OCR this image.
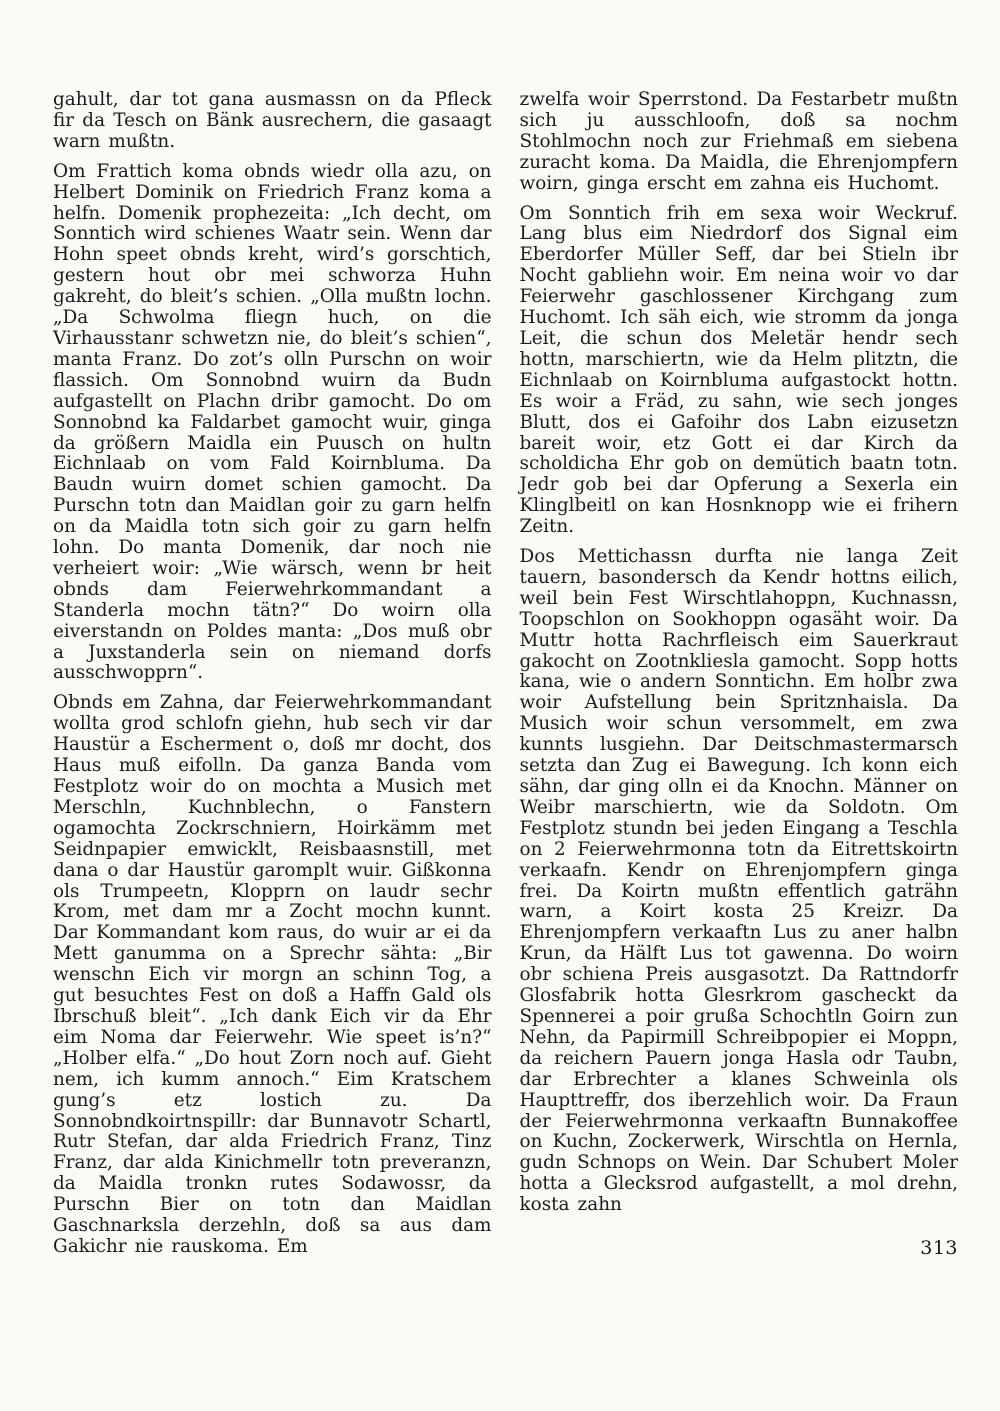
gahult, dar tot gana ausmassn on da Pfleck fir da Tesch on Bänk ausrechern, die gasaagt warn mußtn.

Om Frattich koma obnds wiedr olla azu, on Helbert Dominik on Friedrich Franz koma a helfn. Domenik prophezeita: „Ich decht, om Sonntich wird schienes Waatr sein. Wenn dar Hohn speet obnds kreht, wird’s gorschtich, gestern hout obr mei schworza Huhn gakreht, do bleit’s schien. „Olla mußtn lochn. „Da Schwolma fliegn huch, on die Virhausstanr schwetzn nie, do bleit’s schien“, manta Franz. Do zot’s olln Purschn on woir flassich. Om Sonnobnd wuirn da Budn aufgastellt on Plachn dribr gamocht. Do om Sonnobnd ka Faldarbet gamocht wuir, ginga da größern Maidla ein Puusch on hultn Eichnlaab on vom Fald Koirnbluma. Da Baudn wuirn domet schien gamocht. Da Purschn totn dan Maidlan goir zu garn helfn on da Maidla totn sich goir zu garn helfn lohn. Do manta Domenik, dar noch nie verheiert woir: „Wie wärsch, wenn br heit obnds dam Feierwehrkommandant a Standerla mochn tätn?“ Do woirn olla eiverstandn on Poldes manta: „Dos muß obr a Juxstanderla sein on niemand dorfs ausschwopprn“.

Obnds em Zahna, dar Feierwehrkommandant wollta grod schlofn giehn, hub sech vir dar Haustür a Escherment o, doß mr docht, dos Haus muß eifolln. Da ganza Banda vom Festplotz woir do on mochta a Musich met Merschln, Kuchnblechn, o Fanstern ogamochta Zockrschniern, Hoirkämm met Seidnpapier emwicklt, Reisbaasnstill, met dana o dar Haustür garomplt wuir. Gißkonna ols Trumpeetn, Klopprn on laudr sechr Krom, met dam mr a Zocht mochn kunnt. Dar Kommandant kom raus, do wuir ar ei da Mett ganumma on a Sprechr sähta: „Bir wenschn Eich vir morgn an schinn Tog, a gut besuchtes Fest on doß a Haffn Gald ols Ibrschuß bleit“. „Ich dank Eich vir da Ehr eim Noma dar Feierwehr. Wie speet is’n?“ „Holber elfa.“ „Do hout Zorn noch auf. Gieht nem, ich kumm annoch.“ Eim Kratschem gung’s etz lostich zu. Da Sonnobndkoirtnspillr: dar Bunnavotr Schartl, Rutr Stefan, dar alda Friedrich Franz, Tinz Franz, dar alda Kinichmellr totn preveranzn, da Maidla tronkn rutes Sodawossr, da Purschn Bier on totn dan Maidlan Gaschnarksla derzehln, doß sa aus dam Gakichr nie rauskoma. Em

zwelfa woir Sperrstond. Da Festarbetr mußtn sich ju ausschloofn, doß sa nochm Stohlmochn noch zur Friehmaß em siebena zuracht koma. Da Maidla, die Ehrenjompfern woirn, ginga erscht em zahna eis Huchomt.

Om Sonntich frih em sexa woir Weckruf. Lang blus eim Niedrdorf dos Signal eim Eberdorfer Müller Seff, dar bei Stieln ibr Nocht gabliehn woir. Em neina woir vo dar Feierwehr gaschlossener Kirchgang zum Huchomt. Ich säh eich, wie stromm da jonga Leit, die schun dos Meletär hendr sech hottn, marschiertn, wie da Helm plitztn, die Eichnlaab on Koirnbluma aufgastockt hottn. Es woir a Fräd, zu sahn, wie sech jonges Blutt, dos ei Gafoihr dos Labn eizusetzn bareit woir, etz Gott ei dar Kirch da scholdicha Ehr gob on demütich baatn totn. Jedr gob bei dar Opferung a Sexerla ein Klinglbeitl on kan Hosnknopp wie ei frihern Zeitn.

Dos Mettichassn durfta nie langa Zeit tauern, basondersch da Kendr hottns eilich, weil bein Fest Wirschtlahoppn, Kuchnassn, Toopschlon on Sookhoppn ogasäht woir. Da Muttr hotta Rachrfleisch eim Sauerkraut gakocht on Zootnkliesla gamocht. Sopp hotts kana, wie o andern Sonntichn. Em holbr zwa woir Aufstellung bein Spritznhaisla. Da Musich woir schun versommelt, em zwa kunnts lusgiehn. Dar Deitschmastermarsch setzta dan Zug ei Bawegung. Ich konn eich sähn, dar ging olln ei da Knochn. Männer on Weibr marschiertn, wie da Soldotn. Om Festplotz stundn bei jeden Eingang a Teschla on 2 Feierwehrmonna totn da Eitrettskoirtn verkaafn. Kendr on Ehrenjompfern ginga frei. Da Koirtn mußtn effentlich gaträhn warn, a Koirt kosta 25 Kreizr. Da Ehrenjompfern verkaaftn Lus zu aner halbn Krun, da Hälft Lus tot gawenna. Do woirn obr schiena Preis ausgasotzt. Da Rattndorfr Glosfabrik hotta Glesrkrom gascheckt da Spennerei a poir grußa Schochtln Goirn zun Nehn, da Papirmill Schreibpopier ei Moppn, da reichern Pauern jonga Hasla odr Taubn, dar Erbrechter a klanes Schweinla ols Haupttreffr, dos iberzehlich woir. Da Fraun der Feierwehrmonna verkaaftn Bunnakoffee on Kuchn, Zockerwerk, Wirschtla on Hernla, gudn Schnops on Wein. Dar Schubert Moler hotta a Glecksrod aufgastellt, a mol drehn, kosta zahn

313
